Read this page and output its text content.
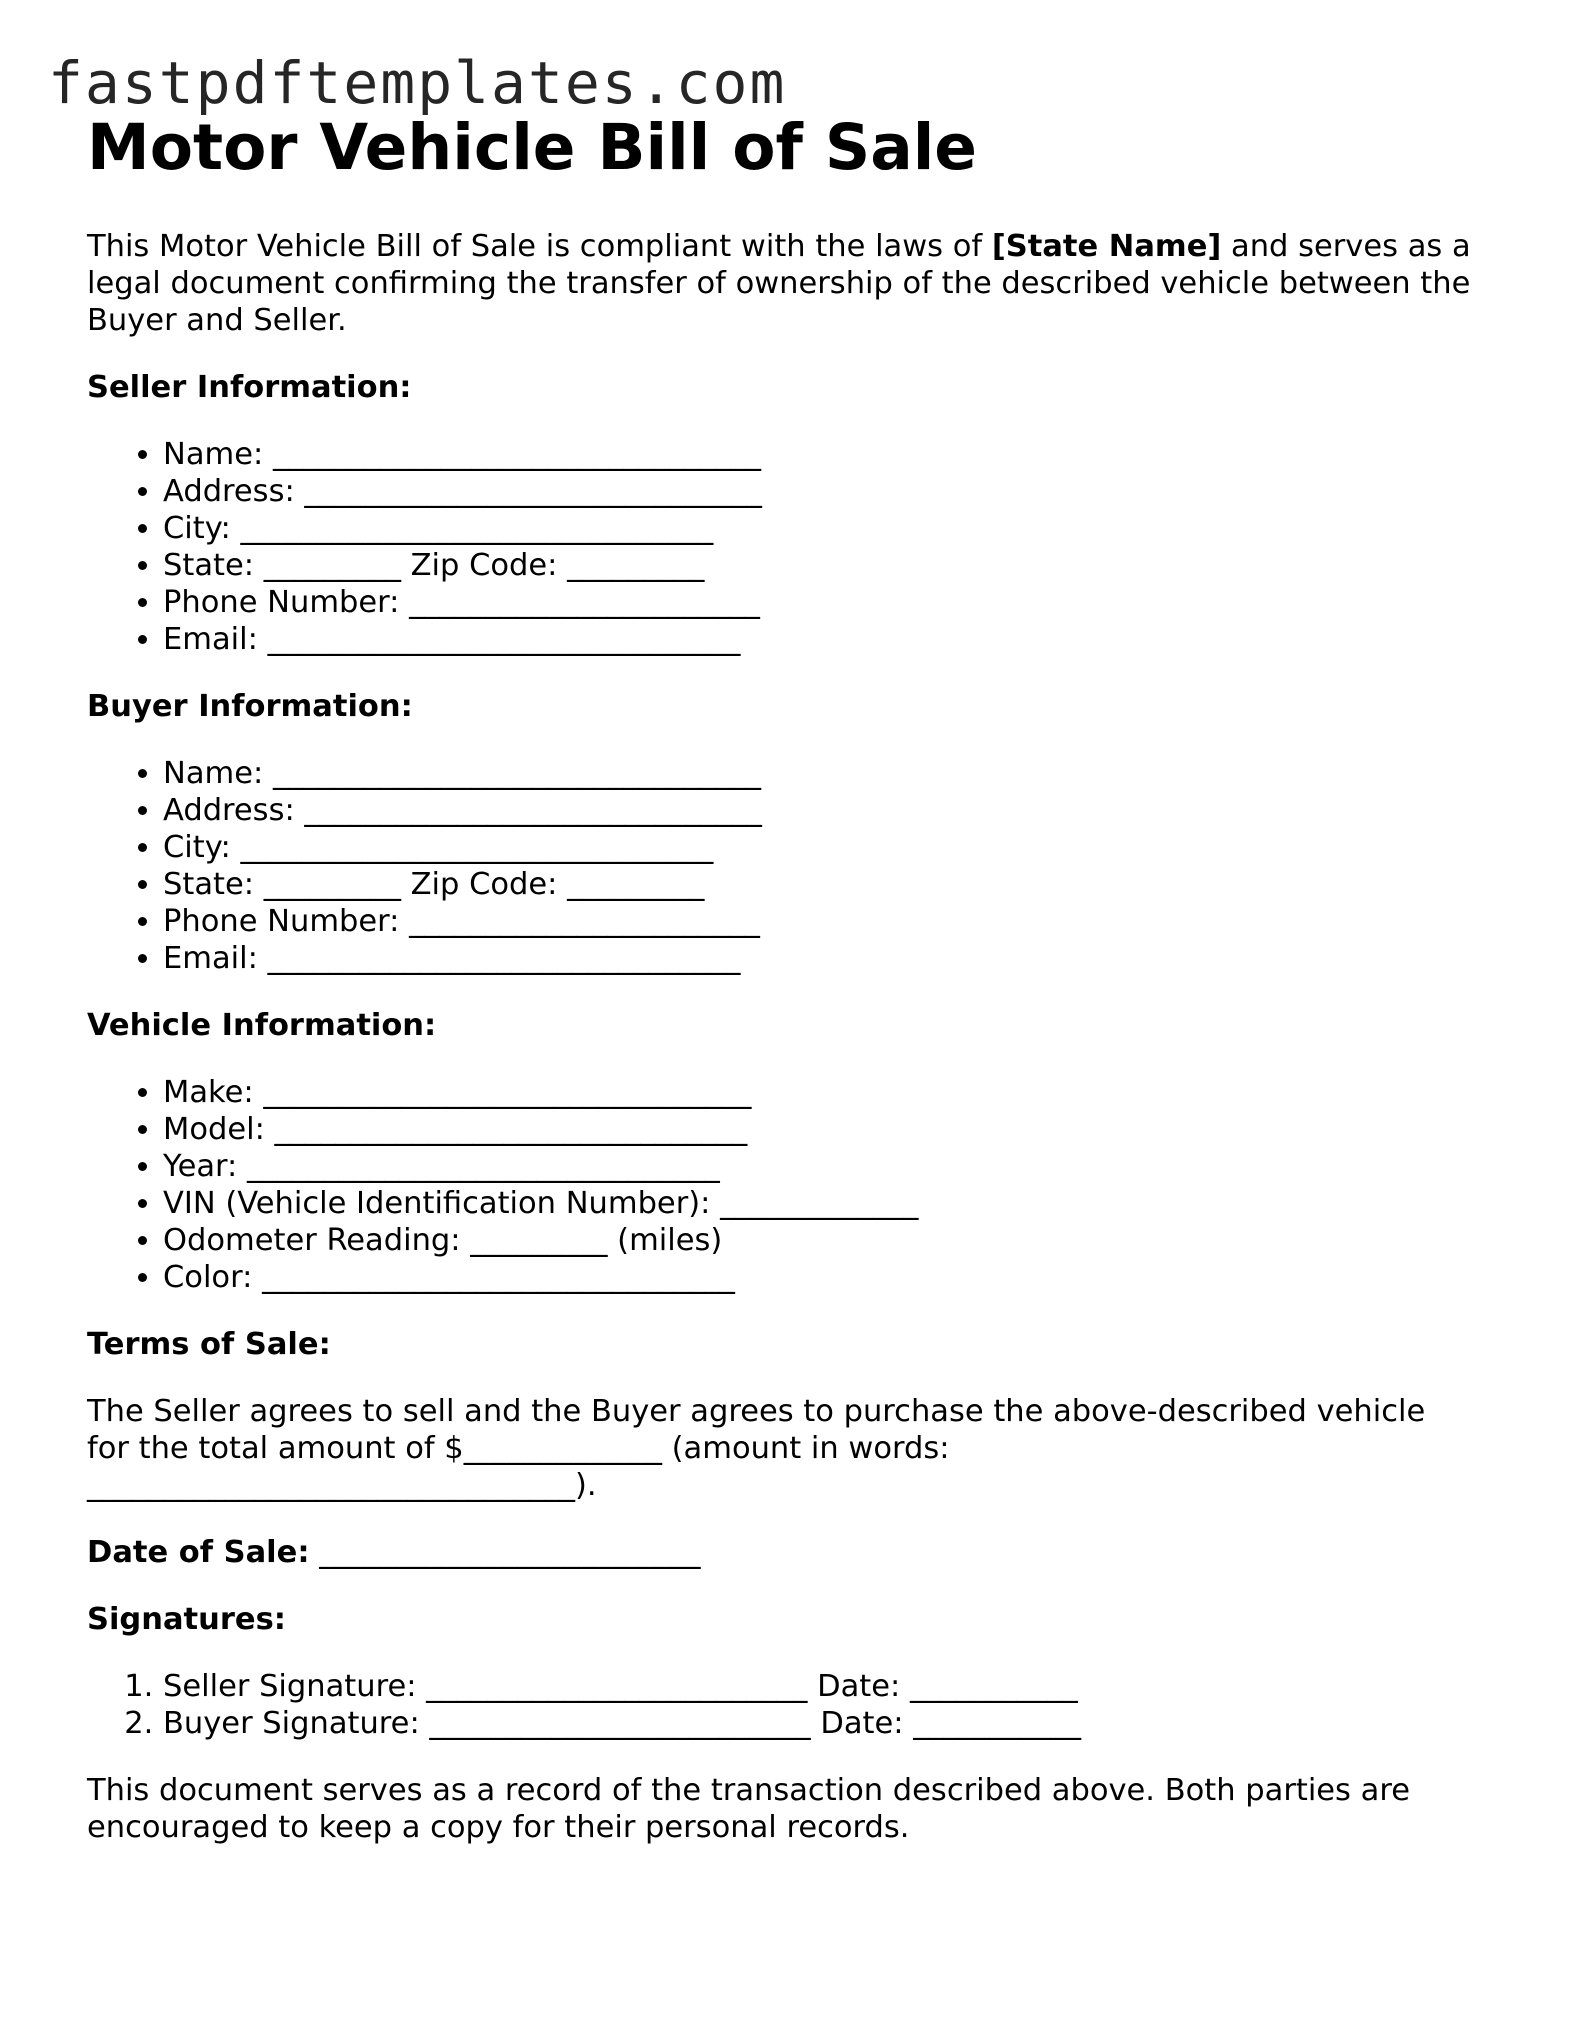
fastpdftemplates.com
Motor Vehicle Bill of Sale

This Motor Vehicle Bill of Sale is compliant with the laws of [State Name] and serves as a legal document confirming the transfer of ownership of the described vehicle between the Buyer and Seller.

Seller Information:
• Name: ________________________________
• Address: ______________________________
• City: _______________________________
• State: _________ Zip Code: _________
• Phone Number: _______________________
• Email: _______________________________
Buyer Information:
• Name: ________________________________
• Address: ______________________________
• City: _______________________________
• State: _________ Zip Code: _________
• Phone Number: _______________________
• Email: _______________________________
Vehicle Information:
• Make: ________________________________
• Model: _______________________________
• Year: _______________________________
• VIN (Vehicle Identification Number): _____________
• Odometer Reading: _________ (miles)
• Color: _______________________________
Terms of Sale:

The Seller agrees to sell and the Buyer agrees to purchase the above-described vehicle
for the total amount of $_____________ (amount in words:
________________________________).

Date of Sale: _________________________

Signatures:
1. Seller Signature: _________________________ Date: ___________
2. Buyer Signature: _________________________ Date: ___________

This document serves as a record of the transaction described above. Both parties are encouraged to keep a copy for their personal records.
